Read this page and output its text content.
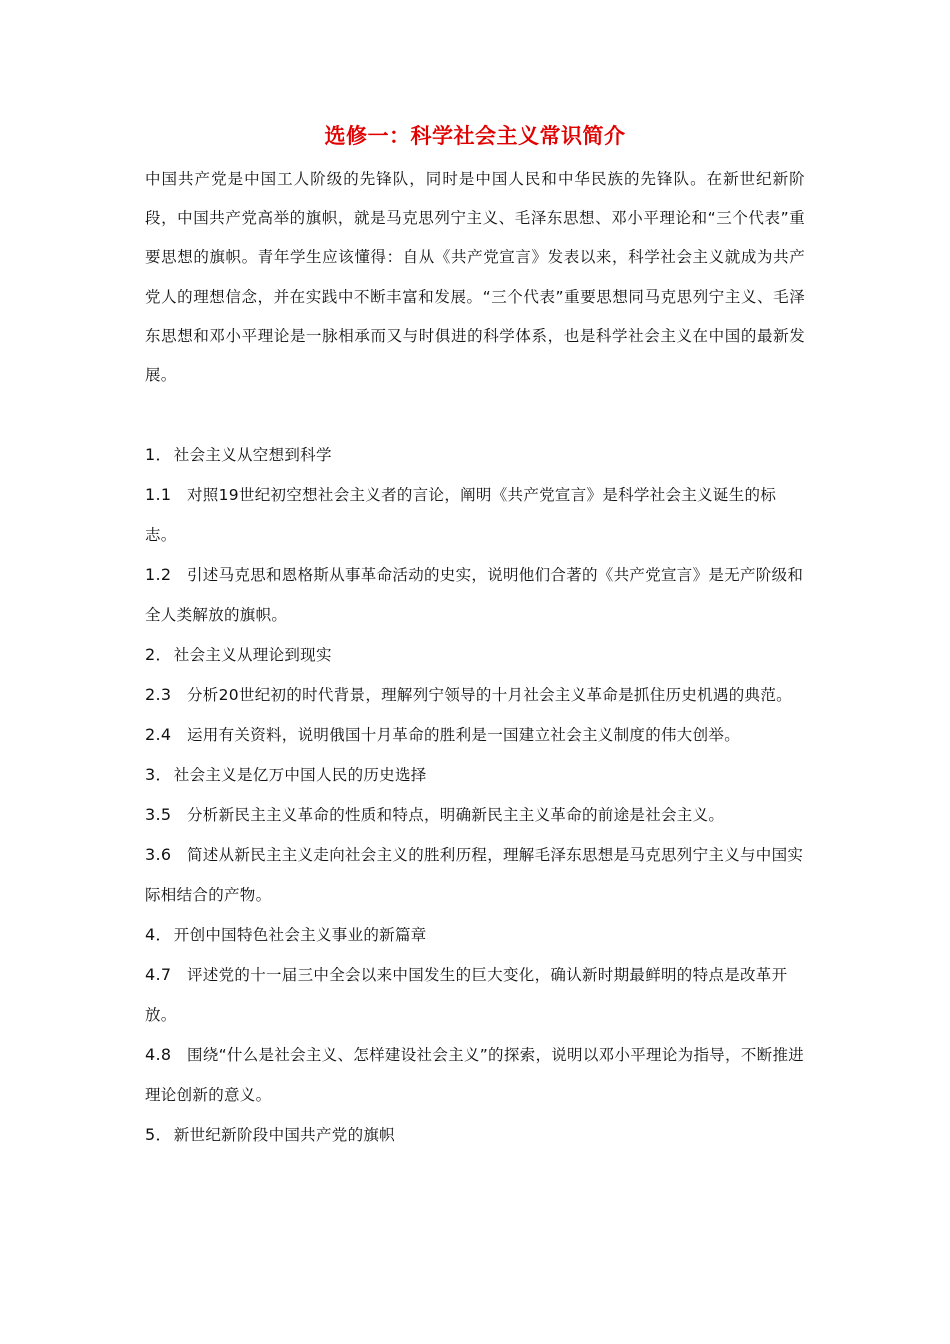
选修一：科学社会主义常识简介

中国共产党是中国工人阶级的先锋队，同时是中国人民和中华民族的先锋队。在新世纪新阶段，中国共产党高举的旗帜，就是马克思列宁主义、毛泽东思想、邓小平理论和“三个代表”重要思想的旗帜。青年学生应该懂得：自从《共产党宣言》发表以来，科学社会主义就成为共产党人的理想信念，并在实践中不断丰富和发展。“三个代表”重要思想同马克思列宁主义、毛泽东思想和邓小平理论是一脉相承而又与时俱进的科学体系，也是科学社会主义在中国的最新发展。

1． 社会主义从空想到科学

1.1 对照19世纪初空想社会主义者的言论，阐明《共产党宣言》是科学社会主义诞生的标志。

1.2 引述马克思和恩格斯从事革命活动的史实，说明他们合著的《共产党宣言》是无产阶级和全人类解放的旗帜。

2． 社会主义从理论到现实

2.3 分析20世纪初的时代背景，理解列宁领导的十月社会主义革命是抓住历史机遇的典范。

2.4 运用有关资料，说明俄国十月革命的胜利是一国建立社会主义制度的伟大创举。

3． 社会主义是亿万中国人民的历史选择

3.5 分析新民主主义革命的性质和特点，明确新民主主义革命的前途是社会主义。

3.6 简述从新民主主义走向社会主义的胜利历程，理解毛泽东思想是马克思列宁主义与中国实际相结合的产物。

4． 开创中国特色社会主义事业的新篇章

4.7 评述党的十一届三中全会以来中国发生的巨大变化，确认新时期最鲜明的特点是改革开放。

4.8 围绕“什么是社会主义、怎样建设社会主义”的探索，说明以邓小平理论为指导，不断推进理论创新的意义。

5． 新世纪新阶段中国共产党的旗帜
